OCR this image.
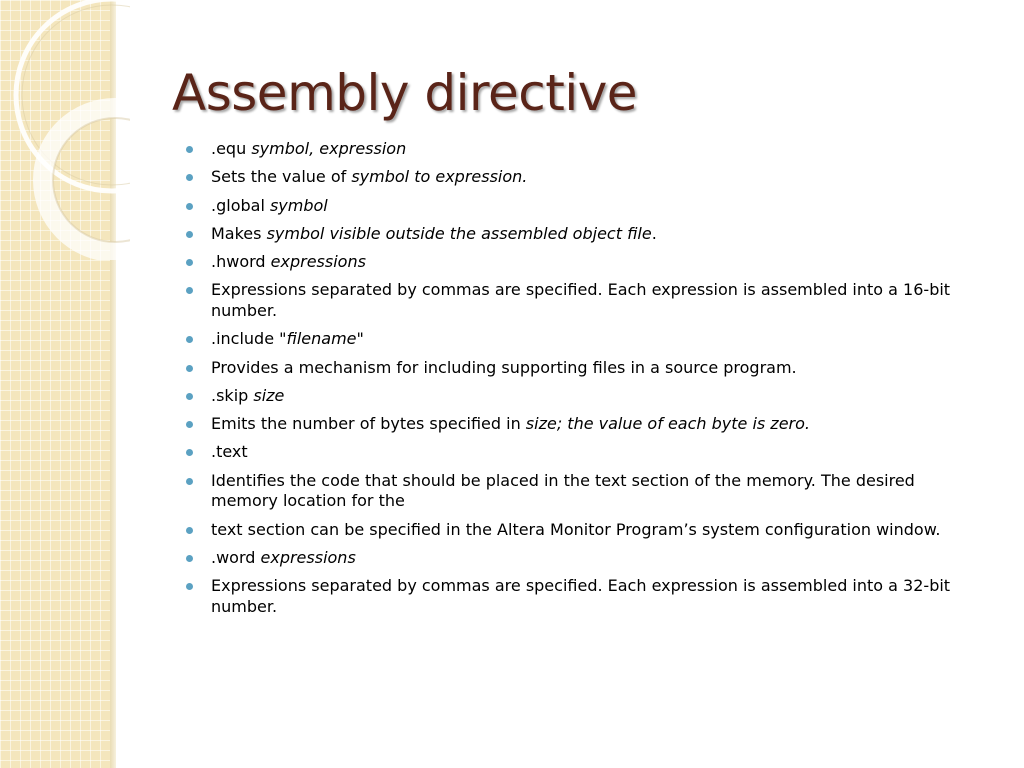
Assembly directive
.equ symbol, expression
Sets the value of symbol to expression.
.global symbol
Makes symbol visible outside the assembled object file.
.hword expressions
Expressions separated by commas are specified. Each expression is assembled into a 16-bit number.
.include "filename"
Provides a mechanism for including supporting files in a source program.
.skip size
Emits the number of bytes specified in size; the value of each byte is zero.
.text
Identifies the code that should be placed in the text section of the memory. The desired memory location for the
text section can be specified in the Altera Monitor Program’s system configuration window.
.word expressions
Expressions separated by commas are specified. Each expression is assembled into a 32-bit number.
